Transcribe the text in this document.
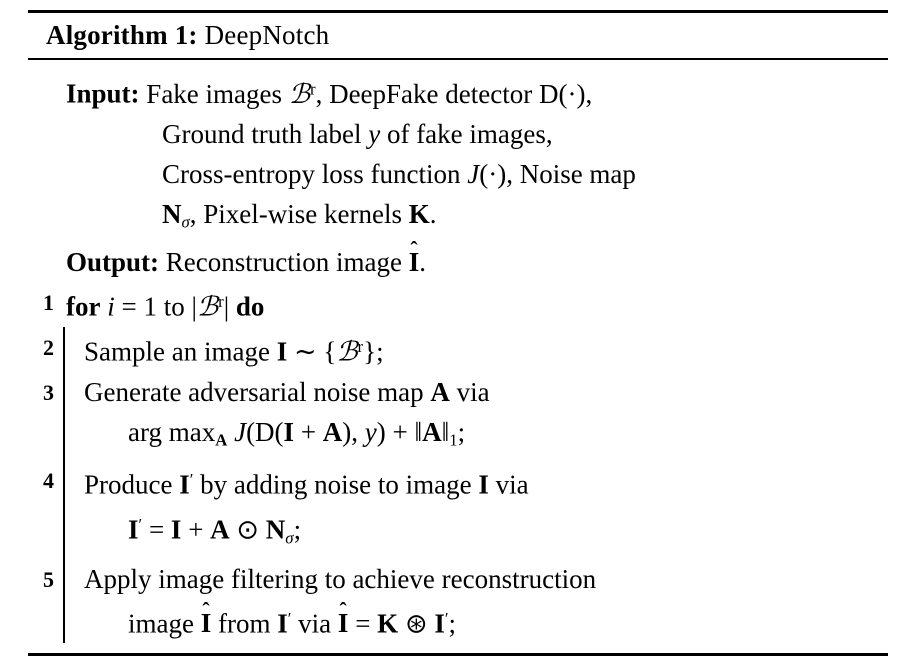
Algorithm 1: DeepNotch
Input: Fake images ℬ$^r$, DeepFake detector D(·),
Ground truth label y of fake images,
Cross-entropy loss function J(·), Noise map
$N_\sigma$, Pixel-wise kernels K.
Output: Reconstruction image
I.
1 for i = 1 to |ℬ$^r$| do
2	Sample an image I ∼ {ℬ$^r$};
3	Generate adversarial noise map A via
arg $\max_A J(D(I + A)$, $y) + ‖A‖_1$;
4	Produce I′ by adding noise to image I via
I′ = I + A ⊙ $N_\sigma$;
5	Apply image filtering to achieve reconstruction
image
I from I′ via
I = K ⊛ I′;
